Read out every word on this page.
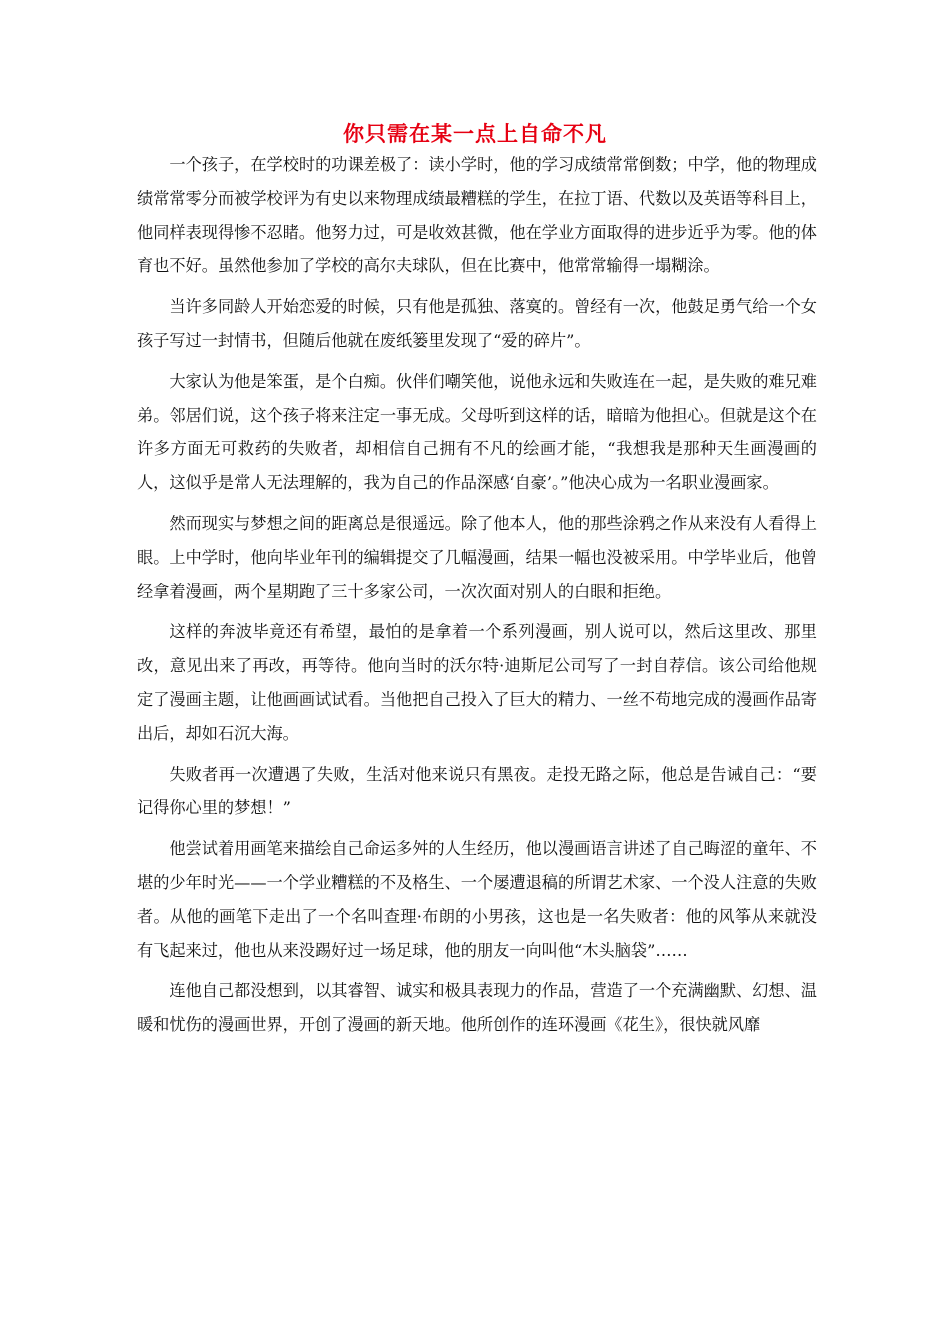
你只需在某一点上自命不凡

一个孩子，在学校时的功课差极了：读小学时，他的学习成绩常常倒数；中学，他的物理成绩常常零分而被学校评为有史以来物理成绩最糟糕的学生，在拉丁语、代数以及英语等科目上，他同样表现得惨不忍睹。他努力过，可是收效甚微，他在学业方面取得的进步近乎为零。他的体育也不好。虽然他参加了学校的高尔夫球队，但在比赛中，他常常输得一塌糊涂。

当许多同龄人开始恋爱的时候，只有他是孤独、落寞的。曾经有一次，他鼓足勇气给一个女孩子写过一封情书，但随后他就在废纸篓里发现了“爱的碎片”。

大家认为他是笨蛋，是个白痴。伙伴们嘲笑他，说他永远和失败连在一起，是失败的难兄难弟。邻居们说，这个孩子将来注定一事无成。父母听到这样的话，暗暗为他担心。但就是这个在许多方面无可救药的失败者，却相信自己拥有不凡的绘画才能，“我想我是那种天生画漫画的人，这似乎是常人无法理解的，我为自己的作品深感‘自豪’。”他决心成为一名职业漫画家。

然而现实与梦想之间的距离总是很遥远。除了他本人，他的那些涂鸦之作从来没有人看得上眼。上中学时，他向毕业年刊的编辑提交了几幅漫画，结果一幅也没被采用。中学毕业后，他曾经拿着漫画，两个星期跑了三十多家公司，一次次面对别人的白眼和拒绝。

这样的奔波毕竟还有希望，最怕的是拿着一个系列漫画，别人说可以，然后这里改、那里改，意见出来了再改，再等待。他向当时的沃尔特·迪斯尼公司写了一封自荐信。该公司给他规定了漫画主题，让他画画试试看。当他把自己投入了巨大的精力、一丝不苟地完成的漫画作品寄出后，却如石沉大海。

失败者再一次遭遇了失败，生活对他来说只有黑夜。走投无路之际，他总是告诫自己：“要记得你心里的梦想！”

他尝试着用画笔来描绘自己命运多舛的人生经历，他以漫画语言讲述了自己晦涩的童年、不堪的少年时光——一个学业糟糕的不及格生、一个屡遭退稿的所谓艺术家、一个没人注意的失败者。从他的画笔下走出了一个名叫查理·布朗的小男孩，这也是一名失败者：他的风筝从来就没有飞起来过，他也从来没踢好过一场足球，他的朋友一向叫他“木头脑袋”……

连他自己都没想到，以其睿智、诚实和极具表现力的作品，营造了一个充满幽默、幻想、温暖和忧伤的漫画世界，开创了漫画的新天地。他所创作的连环漫画《花生》，很快就风靡
